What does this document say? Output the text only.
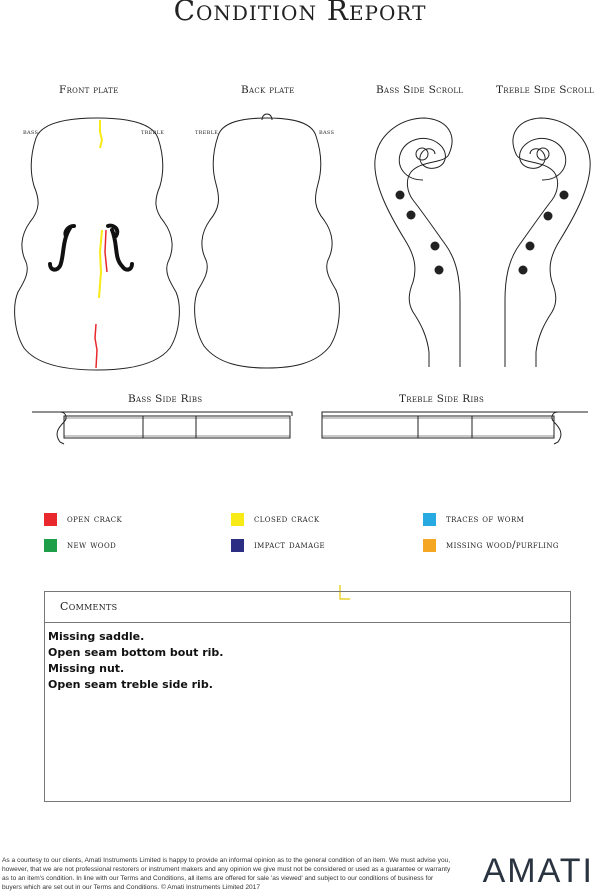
Condition Report
Front plate	Back plate	Bass Side Scroll	Treble Side Scroll
bass	treble	treble	bass
Bass Side Ribs	Treble Side Ribs
open crack	closed crack	traces of worm
new wood	impact damage	missing wood/purfling
Comments
Missing saddle.
Open seam bottom bout rib.
Missing nut.
Open seam treble side rib.
As a courtesy to our clients, Amati Instruments Limited is happy to provide an informal opinion as to the general condition of an item. We must advise you, however, that we are not professional restorers or instrument makers and any opinion we give must not be considered or used as a guarantee or warranty as to an item's condition. In line with our Terms and Conditions, all items are offered for sale 'as viewed' and subject to our conditions of business for buyers which are set out in our Terms and Conditions. © Amati Instruments Limited 2017	AMATI
